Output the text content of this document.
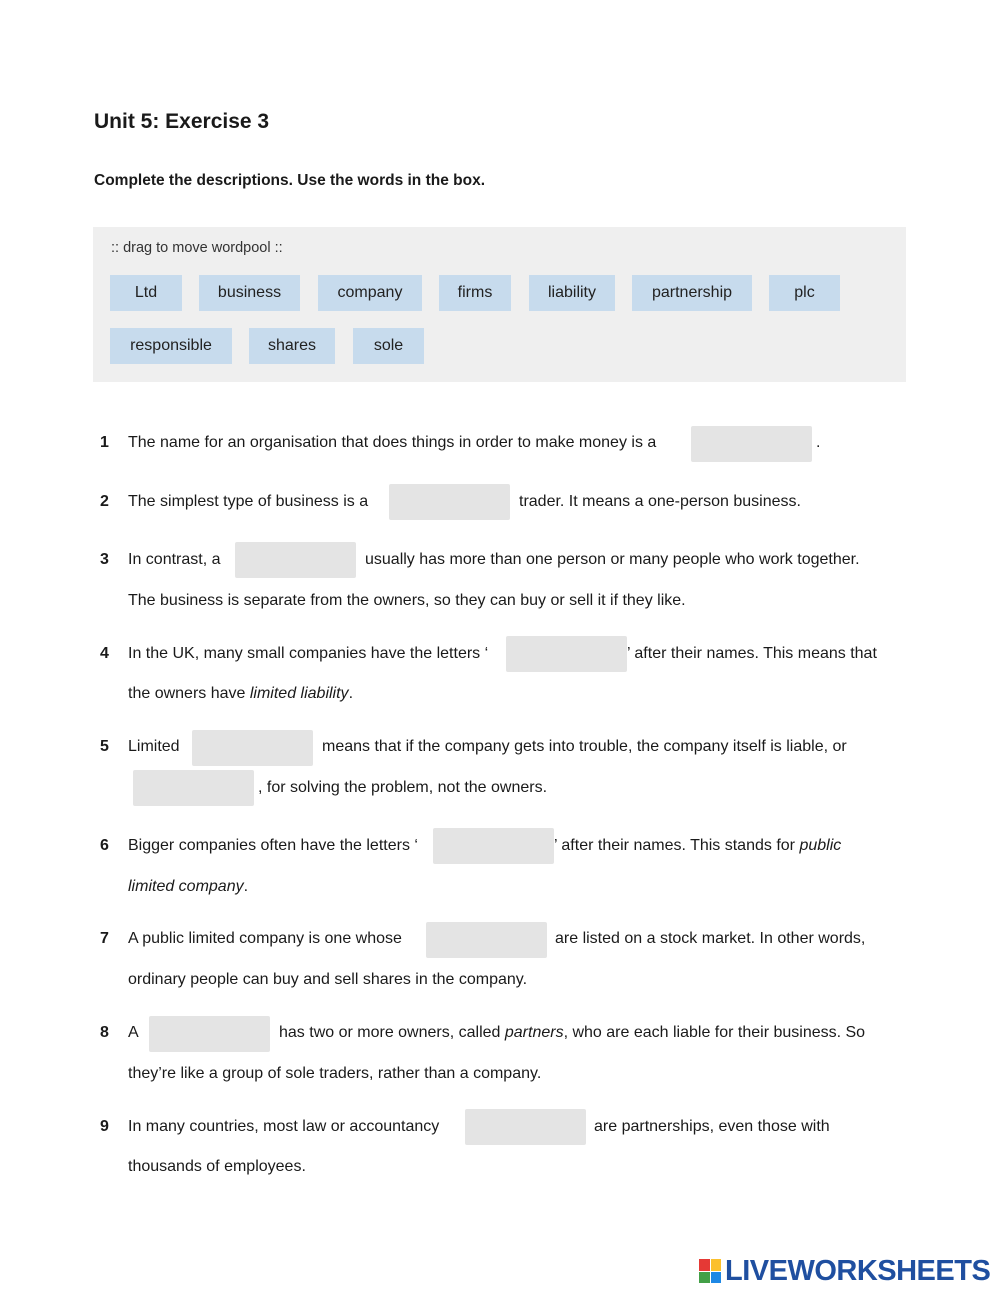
Unit 5: Exercise 3

Complete the descriptions. Use the words in the box.

:: drag to move wordpool ::
Ltd	business	company	firms	liability	partnership	plc
responsible	shares	sole
1 The name for an organisation that does things in order to make money is a	.
2 The simplest type of business is a	trader. It means a one-person business.
3 In contrast, a	usually has more than one person or many people who work together.
The business is separate from the owners, so they can buy or sell it if they like.
4 In the UK, many small companies have the letters ‘	’ after their names. This means that
the owners have limited liability.
5 Limited	means that if the company gets into trouble, the company itself is liable, or
, for solving the problem, not the owners.
6 Bigger companies often have the letters ‘	’ after their names. This stands for public
limited company.
7 A public limited company is one whose	are listed on a stock market. In other words,
ordinary people can buy and sell shares in the company.
8 A	has two or more owners, called partners, who are each liable for their business. So
they’re like a group of sole traders, rather than a company.
9 In many countries, most law or accountancy	are partnerships, even those with
thousands of employees.
LIVEWORKSHEETS
